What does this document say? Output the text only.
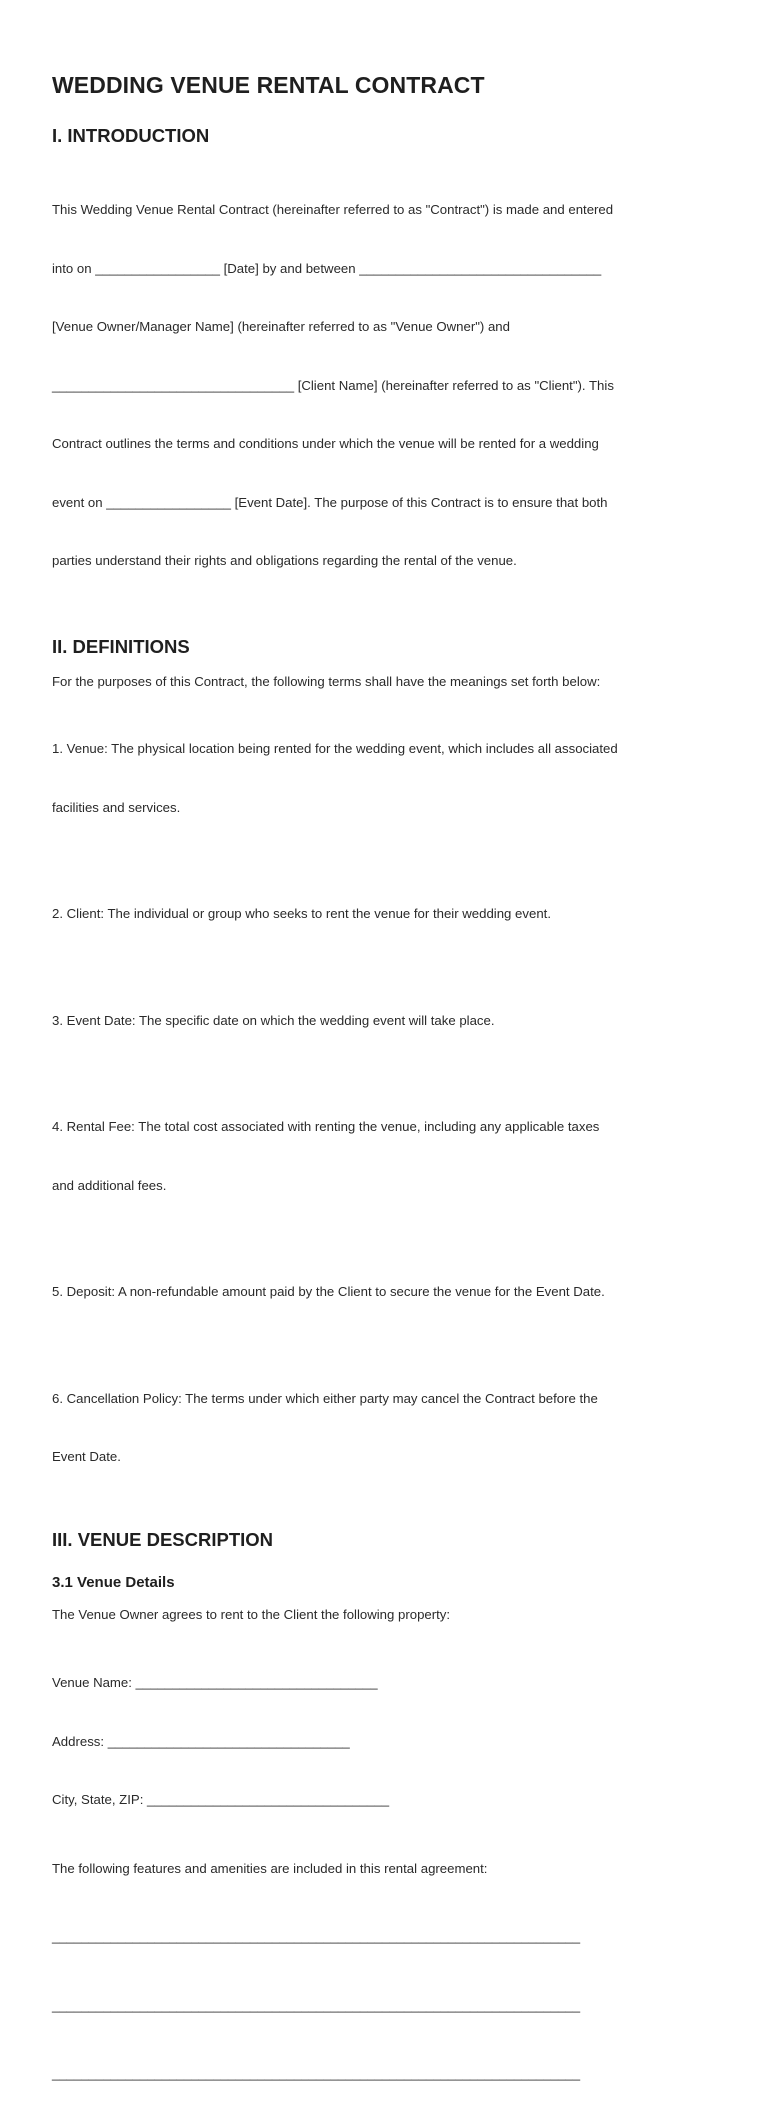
WEDDING VENUE RENTAL CONTRACT
I. INTRODUCTION

This Wedding Venue Rental Contract (hereinafter referred to as "Contract") is made and entered

into on _________________ [Date] by and between _________________________________

[Venue Owner/Manager Name] (hereinafter referred to as "Venue Owner") and

_________________________________ [Client Name] (hereinafter referred to as "Client"). This

Contract outlines the terms and conditions under which the venue will be rented for a wedding

event on _________________ [Event Date]. The purpose of this Contract is to ensure that both

parties understand their rights and obligations regarding the rental of the venue.

II. DEFINITIONS

For the purposes of this Contract, the following terms shall have the meanings set forth below:

1. Venue: The physical location being rented for the wedding event, which includes all associated

facilities and services.

2. Client: The individual or group who seeks to rent the venue for their wedding event.

3. Event Date: The specific date on which the wedding event will take place.

4. Rental Fee: The total cost associated with renting the venue, including any applicable taxes

and additional fees.

5. Deposit: A non-refundable amount paid by the Client to secure the venue for the Event Date.

6. Cancellation Policy: The terms under which either party may cancel the Contract before the

Event Date.

III. VENUE DESCRIPTION
3.1 Venue Details

The Venue Owner agrees to rent to the Client the following property:

Venue Name: _________________________________

Address: _________________________________

City, State, ZIP: _________________________________

The following features and amenities are included in this rental agreement:

________________________________________________________________________

________________________________________________________________________

________________________________________________________________________
